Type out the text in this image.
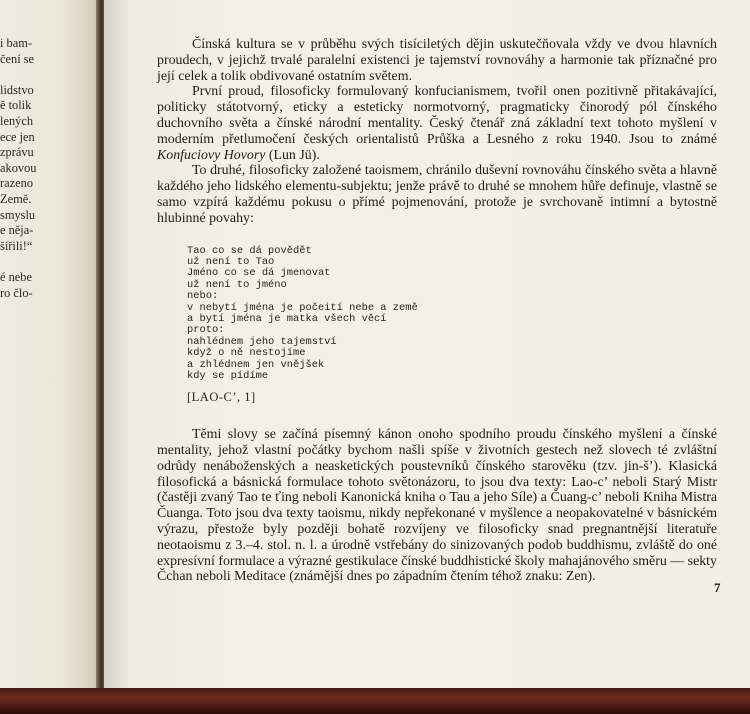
i bam-
čení se
lidstvo
ě tolik
lených
ece jen
zprávu
akovou
razeno
Země.
smyslu
e něja-
šířili!“
é nebe
ro člo-

Čínská kultura se v průběhu svých tisíciletých dějin uskutečňovala vždy ve dvou hlavních proudech, v jejichž trvalé paralelní existenci je tajemství rovnováhy a harmonie tak příznačné pro její celek a tolik obdivované ostatním světem.

První proud, filosoficky formulovaný konfucianismem, tvořil onen pozitivně přitakávající, politicky státotvorný, eticky a esteticky normotvorný, pragmaticky činorodý pól čínského duchovního světa a čínské národní mentality. Český čtenář zná základní text tohoto myšlení v moderním přetlumočení českých orientalistů Průška a Lesného z roku 1940. Jsou to známé Konfuciovy Hovory (Lun Jü).

To druhé, filosoficky založené taoismem, chránilo duševní rovnováhu čínského světa a hlavně každého jeho lidského elementu-subjektu; jenže právě to druhé se mnohem hůře definuje, vlastně se samo vzpírá každému pokusu o přímé pojmenování, protože je svrchovaně intimní a bytostně hlubinné povahy:

Tao co se dá povědět
už není to Tao
Jméno co se dá jmenovat
už není to jméno
nebo:
v nebytí jména je počeití nebe a země
a bytí jména je matka všech věcí
proto:
nahlédnem jeho tajemství
když o ně nestojíme
a zhlédnem jen vnějšek
kdy se pídíme
[LAO-C’, 1]

Těmi slovy se začíná písemný kánon onoho spodního proudu čínského myšlení a čínské mentality, jehož vlastní počátky bychom našli spíše v životních gestech než slovech té zvláštní odrůdy nenáboženských a neasketických poustevníků čínského starověku (tzv. jin-š’). Klasická filosofická a básnická formulace tohoto světonázoru, to jsou dva texty: Lao-c’ neboli Starý Mistr (častěji zvaný Tao te ťing neboli Kanonická kniha o Tau a jeho Síle) a Čuang-c’ neboli Kniha Mistra Čuanga. Toto jsou dva texty taoismu, nikdy nepřekonané v myšlence a neopakovatelné v básnickém výrazu, přestože byly později bohatě rozvíjeny ve filosoficky snad pregnantnější literatuře neotaoismu z 3.–4. stol. n. l. a úrodně vstřebány do sinizovaných podob buddhismu, zvláště do oné expresívní formulace a výrazné gestikulace čínské buddhistické školy mahajánového směru — sekty Čchan neboli Meditace (známější dnes po západním čtením téhož znaku: Zen).

7
